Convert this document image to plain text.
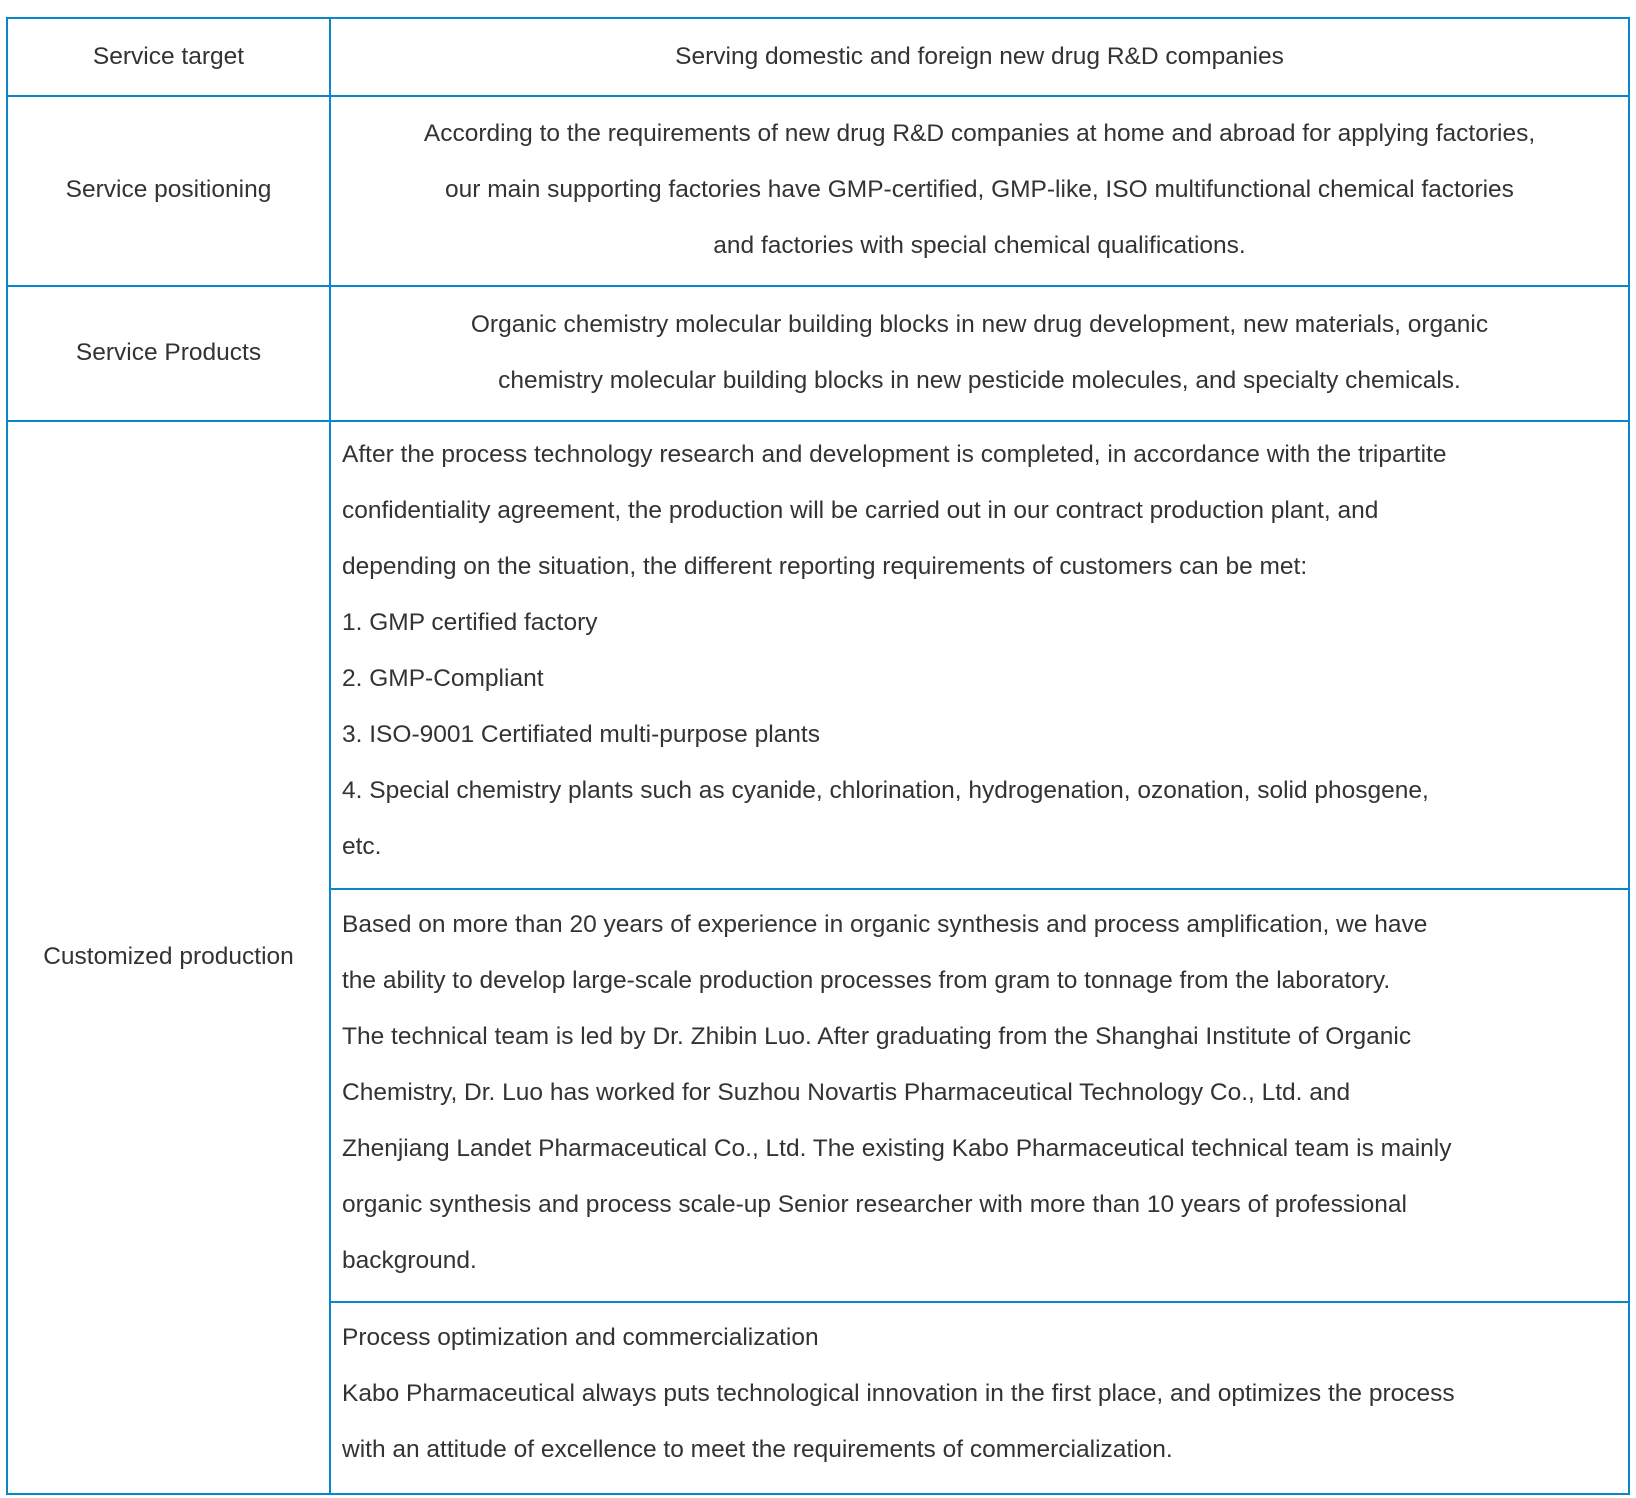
Service target	Serving domestic and foreign new drug R&D companies
Service positioning
According to the requirements of new drug R&D companies at home and abroad for applying factories,
our main supporting factories have GMP-certified, GMP-like, ISO multifunctional chemical factories
and factories with special chemical qualifications.
Service Products
Organic chemistry molecular building blocks in new drug development, new materials, organic
chemistry molecular building blocks in new pesticide molecules, and specialty chemicals.
Customized production
After the process technology research and development is completed, in accordance with the tripartite
confidentiality agreement, the production will be carried out in our contract production plant, and
depending on the situation, the different reporting requirements of customers can be met:
1. GMP certified factory
2. GMP-Compliant
3. ISO-9001 Certifiated multi-purpose plants
4. Special chemistry plants such as cyanide, chlorination, hydrogenation, ozonation, solid phosgene,
etc.
Based on more than 20 years of experience in organic synthesis and process amplification, we have
the ability to develop large-scale production processes from gram to tonnage from the laboratory.
The technical team is led by Dr. Zhibin Luo. After graduating from the Shanghai Institute of Organic
Chemistry, Dr. Luo has worked for Suzhou Novartis Pharmaceutical Technology Co., Ltd. and
Zhenjiang Landet Pharmaceutical Co., Ltd. The existing Kabo Pharmaceutical technical team is mainly
organic synthesis and process scale-up Senior researcher with more than 10 years of professional
background.
Process optimization and commercialization
Kabo Pharmaceutical always puts technological innovation in the first place, and optimizes the process
with an attitude of excellence to meet the requirements of commercialization.
